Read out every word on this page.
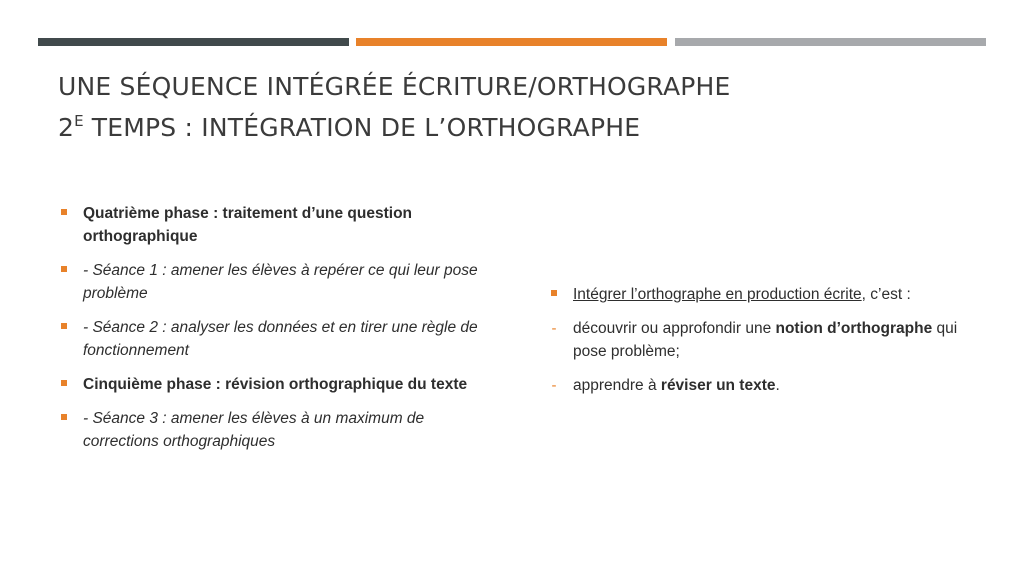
UNE SÉQUENCE INTÉGRÉE ÉCRITURE/ORTHOGRAPHE
$2^E$ TEMPS : INTÉGRATION DE L’ORTHOGRAPHE
Quatrième phase : traitement d’une question orthographique
- Séance 1 : amener les élèves à repérer ce qui leur pose problème
- Séance 2 : analyser les données et en tirer une règle de fonctionnement
Cinquième phase : révision orthographique du texte
- Séance 3 : amener les élèves à un maximum de corrections orthographiques
Intégrer l’orthographe en production écrite, c’est :
- découvrir ou approfondir une notion d’orthographe qui pose problème;
- apprendre à réviser un texte.
